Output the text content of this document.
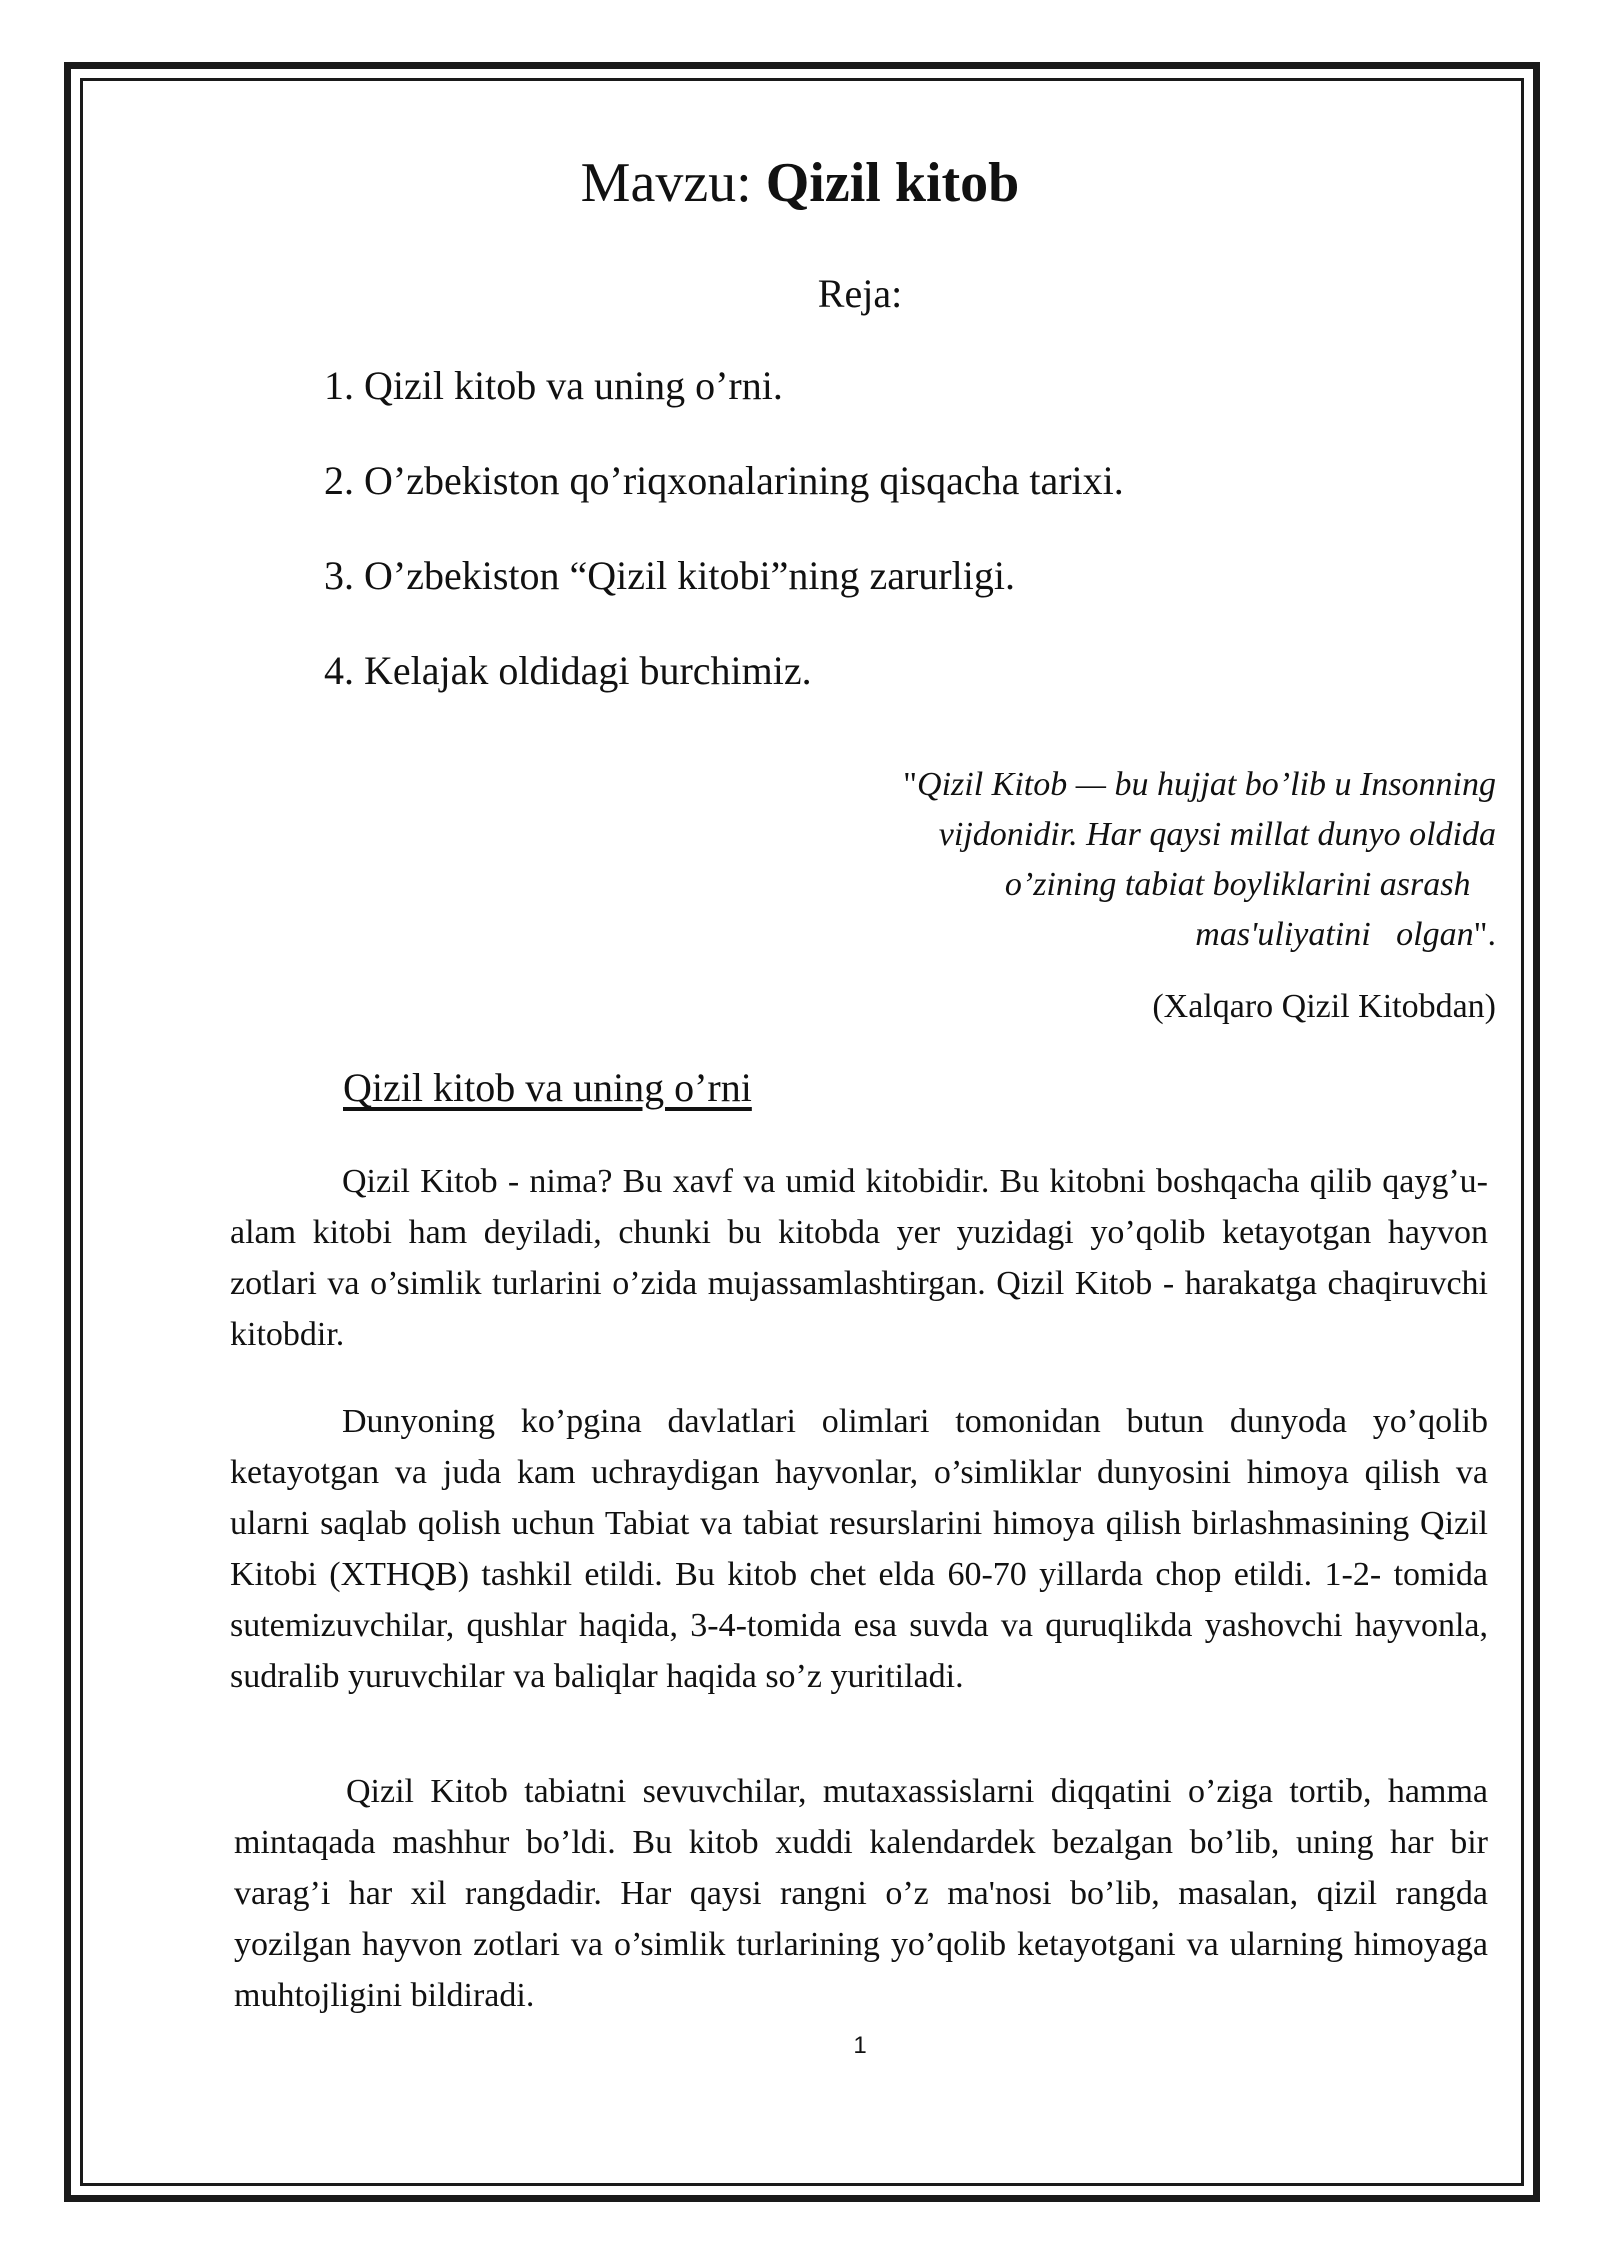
Mavzu: Qizil kitob
Reja:
1. Qizil kitob va uning o’rni.
2. O’zbekiston qo’riqxonalarining qisqacha tarixi.
3. O’zbekiston “Qizil kitobi”ning zarurligi.
4. Kelajak oldidagi burchimiz.
"Qizil Kitob — bu hujjat bo’lib u Insonning
vijdonidir. Har qaysi millat dunyo oldida
o’zining tabiat boyliklarini asrash
mas'uliyatini   olgan".
(Xalqaro Qizil Kitobdan)
Qizil kitob va uning o’rni

Qizil Kitob - nima? Bu xavf va umid kitobidir. Bu kitobni boshqacha qilib qayg’u-alam kitobi ham deyiladi, chunki bu kitobda yer yuzidagi yo’qolib ketayotgan hayvon zotlari va o’simlik turlarini o’zida mujassamlashtirgan. Qizil Kitob - harakatga chaqiruvchi kitobdir.

Dunyoning ko’pgina davlatlari olimlari tomonidan butun dunyoda yo’qolib ketayotgan va juda kam uchraydigan hayvonlar, o’simliklar dunyosini himoya qilish va ularni saqlab qolish uchun Tabiat va tabiat resurslarini himoya qilish birlashmasining Qizil Kitobi (XTHQB) tashkil etildi. Bu kitob chet elda 60-70 yillarda chop etildi. 1-2- tomida sutemizuvchilar, qushlar haqida, 3-4-tomida esa suvda va quruqlikda yashovchi hayvonla, sudralib yuruvchilar va baliqlar haqida so’z yuritiladi.

Qizil Kitob tabiatni sevuvchilar, mutaxassislarni diqqatini o’ziga tortib, hamma mintaqada mashhur bo’ldi. Bu kitob xuddi kalendardek bezalgan bo’lib, uning har bir varag’i har xil rangdadir. Har qaysi rangni o’z ma'nosi bo’lib, masalan, qizil rangda yozilgan hayvon zotlari va o’simlik turlarining yo’qolib ketayotgani va ularning himoyaga muhtojligini bildiradi.

1
